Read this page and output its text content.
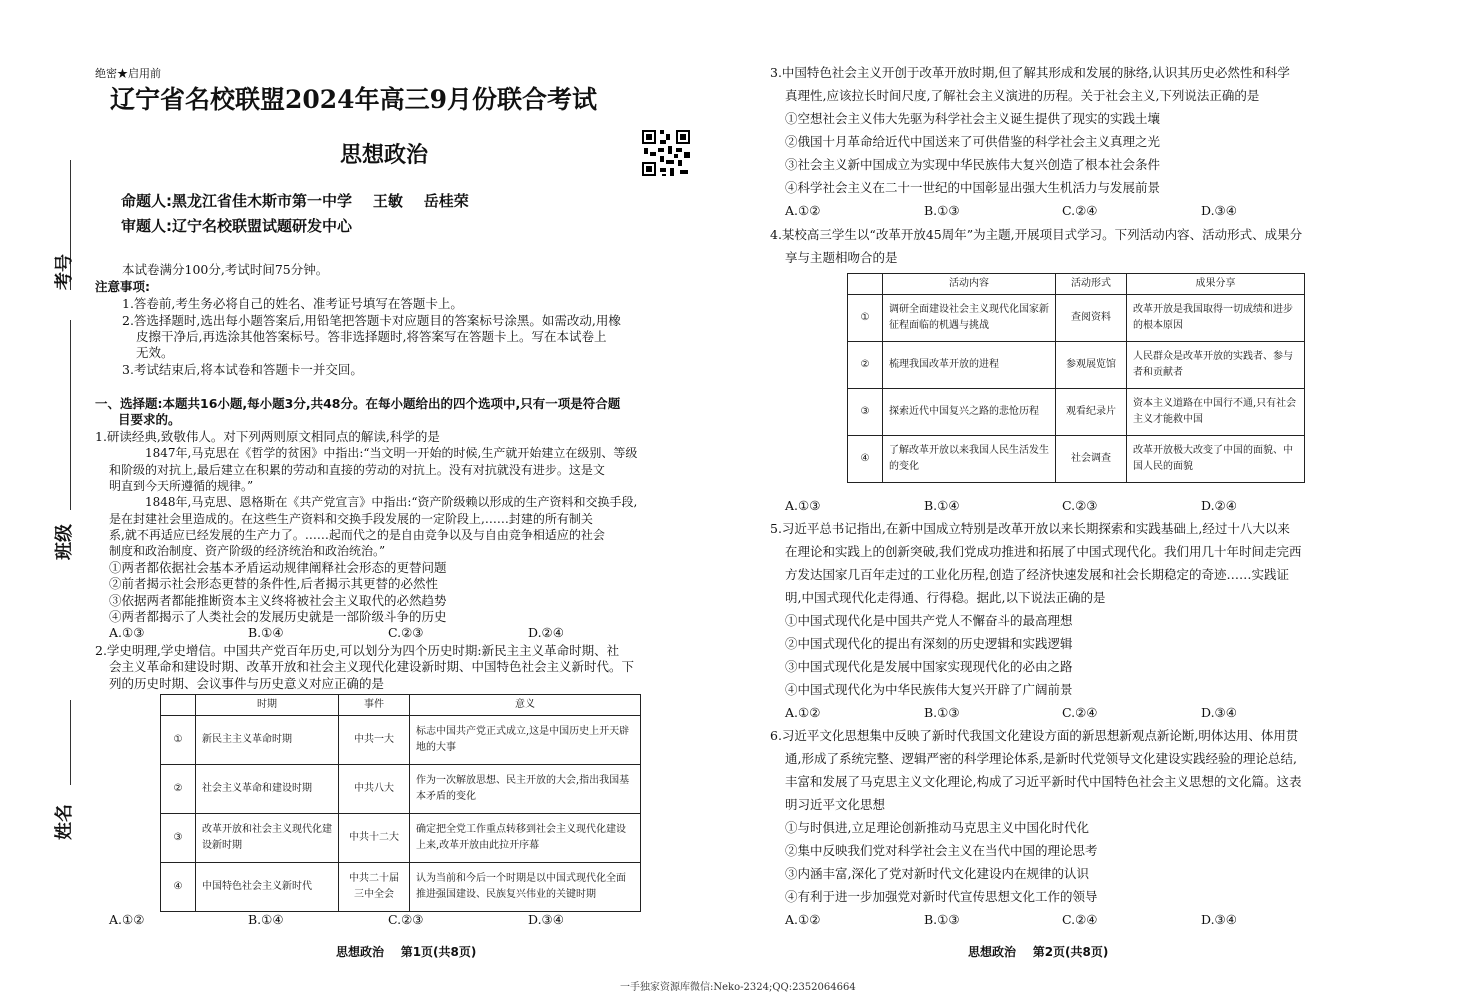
考号
班级
姓名
绝密★启用前
辽宁省名校联盟2024年高三9月份联合考试
思想政治
命题人:黑龙江省佳木斯市第一中学    王敏    岳桂荣
审题人:辽宁名校联盟试题研发中心
本试卷满分100分,考试时间75分钟。
注意事项:
1.答卷前,考生务必将自己的姓名、准考证号填写在答题卡上。
2.答选择题时,选出每小题答案后,用铅笔把答题卡对应题目的答案标号涂黑。如需改动,用橡
皮擦干净后,再选涂其他答案标号。答非选择题时,将答案写在答题卡上。写在本试卷上
无效。
3.考试结束后,将本试卷和答题卡一并交回。
一、选择题:本题共16小题,每小题3分,共48分。在每小题给出的四个选项中,只有一项是符合题
目要求的。
1.研读经典,致敬伟人。对下列两则原文相同点的解读,科学的是
1847年,马克思在《哲学的贫困》中指出:“当文明一开始的时候,生产就开始建立在级别、等级
和阶级的对抗上,最后建立在积累的劳动和直接的劳动的对抗上。没有对抗就没有进步。这是文
明直到今天所遵循的规律。”
1848年,马克思、恩格斯在《共产党宣言》中指出:“资产阶级赖以形成的生产资料和交换手段,
是在封建社会里造成的。在这些生产资料和交换手段发展的一定阶段上,……封建的所有制关
系,就不再适应已经发展的生产力了。……起而代之的是自由竞争以及与自由竞争相适应的社会
制度和政治制度、资产阶级的经济统治和政治统治。”
①两者都依据社会基本矛盾运动规律阐释社会形态的更替问题
②前者揭示社会形态更替的条件性,后者揭示其更替的必然性
③依据两者都能推断资本主义终将被社会主义取代的必然趋势
④两者都揭示了人类社会的发展历史就是一部阶级斗争的历史
A.①③	B.①④	C.②③	D.②④
2.学史明理,学史增信。中国共产党百年历史,可以划分为四个历史时期:新民主主义革命时期、社
会主义革命和建设时期、改革开放和社会主义现代化建设新时期、中国特色社会主义新时代。下
列的历史时期、会议事件与历史意义对应正确的是
	时期	事件	意义
①	新民主主义革命时期	中共一大	标志中国共产党正式成立,这是中国历史上开天辟地的大事
②	社会主义革命和建设时期	中共八大	作为一次解放思想、民主开放的大会,指出我国基本矛盾的变化
③	改革开放和社会主义现代化建设新时期	中共十二大	确定把全党工作重点转移到社会主义现代化建设上来,改革开放由此拉开序幕
④	中国特色社会主义新时代	中共二十届三中全会	认为当前和今后一个时期是以中国式现代化全面推进强国建设、民族复兴伟业的关键时期
A.①②	B.①④	C.②③	D.③④
思想政治    第1页(共8页)
3.中国特色社会主义开创于改革开放时期,但了解其形成和发展的脉络,认识其历史必然性和科学
真理性,应该拉长时间尺度,了解社会主义演进的历程。关于社会主义,下列说法正确的是
①空想社会主义伟大先驱为科学社会主义诞生提供了现实的实践土壤
②俄国十月革命给近代中国送来了可供借鉴的科学社会主义真理之光
③社会主义新中国成立为实现中华民族伟大复兴创造了根本社会条件
④科学社会主义在二十一世纪的中国彰显出强大生机活力与发展前景
A.①②	B.①③	C.②④	D.③④
4.某校高三学生以“改革开放45周年”为主题,开展项目式学习。下列活动内容、活动形式、成果分
享与主题相吻合的是
	活动内容	活动形式	成果分享
①	调研全面建设社会主义现代化国家新征程面临的机遇与挑战	查阅资料	改革开放是我国取得一切成绩和进步的根本原因
②	梳理我国改革开放的进程	参观展览馆	人民群众是改革开放的实践者、参与者和贡献者
③	探索近代中国复兴之路的悲怆历程	观看纪录片	资本主义道路在中国行不通,只有社会主义才能救中国
④	了解改革开放以来我国人民生活发生的变化	社会调查	改革开放极大改变了中国的面貌、中国人民的面貌
A.①③	B.①④	C.②③	D.②④
5.习近平总书记指出,在新中国成立特别是改革开放以来长期探索和实践基础上,经过十八大以来
在理论和实践上的创新突破,我们党成功推进和拓展了中国式现代化。我们用几十年时间走完西
方发达国家几百年走过的工业化历程,创造了经济快速发展和社会长期稳定的奇迹……实践证
明,中国式现代化走得通、行得稳。据此,以下说法正确的是
①中国式现代化是中国共产党人不懈奋斗的最高理想
②中国式现代化的提出有深刻的历史逻辑和实践逻辑
③中国式现代化是发展中国家实现现代化的必由之路
④中国式现代化为中华民族伟大复兴开辟了广阔前景
A.①②	B.①③	C.②④	D.③④
6.习近平文化思想集中反映了新时代我国文化建设方面的新思想新观点新论断,明体达用、体用贯
通,形成了系统完整、逻辑严密的科学理论体系,是新时代党领导文化建设实践经验的理论总结,
丰富和发展了马克思主义文化理论,构成了习近平新时代中国特色社会主义思想的文化篇。这表
明习近平文化思想
①与时俱进,立足理论创新推动马克思主义中国化时代化
②集中反映我们党对科学社会主义在当代中国的理论思考
③内涵丰富,深化了党对新时代文化建设内在规律的认识
④有利于进一步加强党对新时代宣传思想文化工作的领导
A.①②	B.①③	C.②④	D.③④
思想政治    第2页(共8页)
一手独家资源库微信:Neko-2324;QQ:2352064664
